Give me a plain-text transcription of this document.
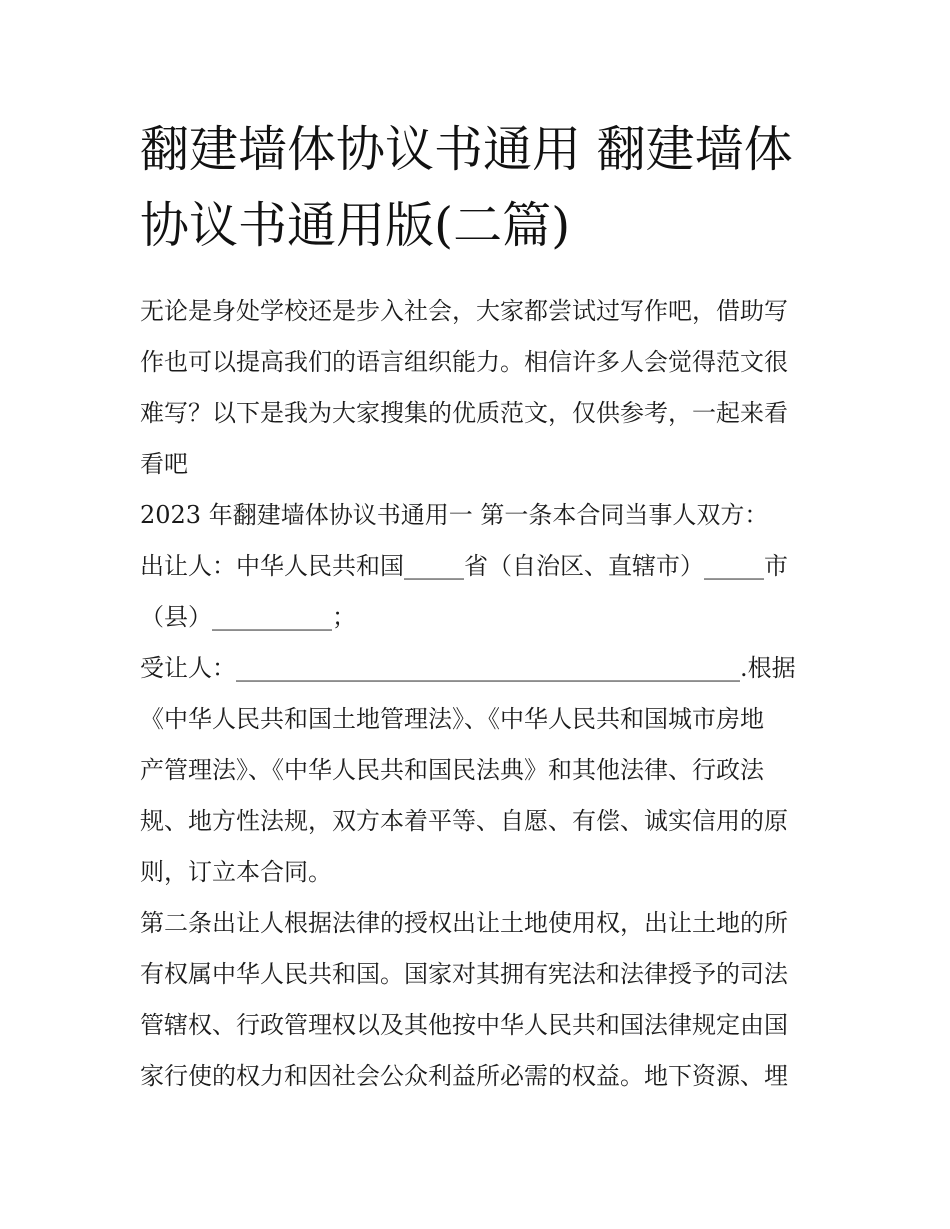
翻建墙体协议书通用 翻建墙体
协议书通用版(二篇)

无论是身处学校还是步入社会，大家都尝试过写作吧，借助写
作也可以提高我们的语言组织能力。相信许多人会觉得范文很
难写？以下是我为大家搜集的优质范文，仅供参考，一起来看
看吧

2023 年翻建墙体协议书通用一 第一条本合同当事人双方：

出让人：中华人民共和国_____省（自治区、直辖市）_____市
（县）__________；

受让人：__________________________________________.根据
《中华人民共和国土地管理法》、《中华人民共和国城市房地
产管理法》、《中华人民共和国民法典》和其他法律、行政法
规、地方性法规，双方本着平等、自愿、有偿、诚实信用的原
则，订立本合同。

第二条出让人根据法律的授权出让土地使用权，出让土地的所
有权属中华人民共和国。国家对其拥有宪法和法律授予的司法
管辖权、行政管理权以及其他按中华人民共和国法律规定由国
家行使的权力和因社会公众利益所必需的权益。地下资源、埋
